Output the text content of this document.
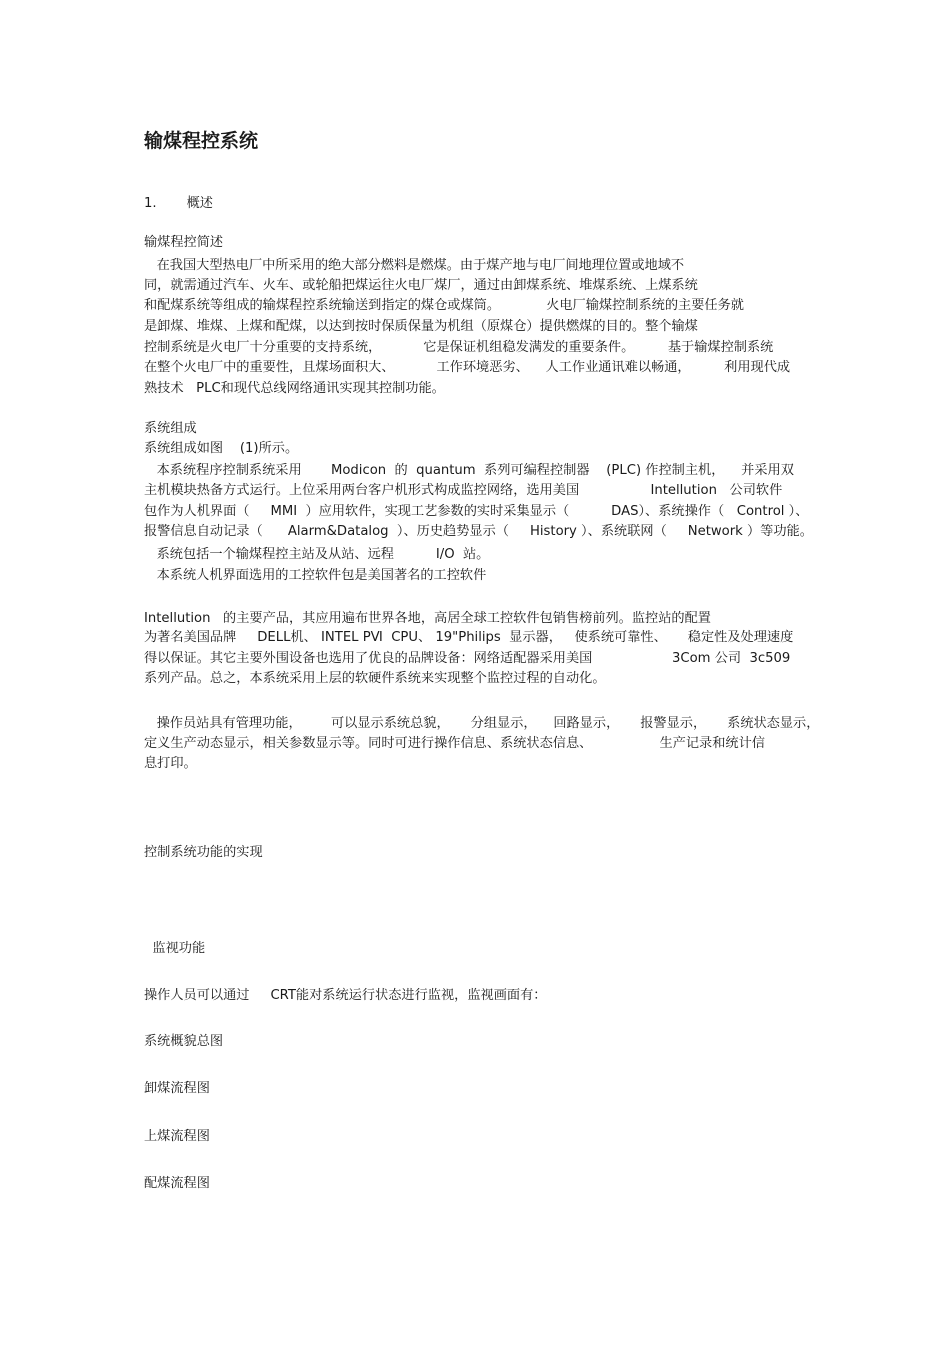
输煤程控系统
1. 概述
输煤程控简述
在我国大型热电厂中所采用的绝大部分燃料是燃煤。由于煤产地与电厂间地理位置或地域不
同，就需通过汽车、火车、或轮船把煤运往火电厂煤厂，通过由卸煤系统、堆煤系统、上煤系统
和配煤系统等组成的输煤程控系统输送到指定的煤仓或煤筒。           火电厂输煤控制系统的主要任务就
是卸煤、堆煤、上煤和配煤，以达到按时保质保量为机组（原煤仓）提供燃煤的目的。整个输煤
控制系统是火电厂十分重要的支持系统，          它是保证机组稳发满发的重要条件。        基于输煤控制系统
在整个火电厂中的重要性，且煤场面积大、          工作环境恶劣、    人工作业通讯难以畅通，        利用现代成
熟技术   PLC和现代总线网络通讯实现其控制功能。
系统组成
系统组成如图    (1)所示。
本系统程序控制系统采用       Modicon  的  quantum  系列可编程控制器    (PLC) 作控制主机，    并采用双
主机模块热备方式运行。上位采用两台客户机形式构成监控网络，选用美国                 Intellution   公司软件
包作为人机界面（     MMI  ）应用软件，实现工艺参数的实时采集显示（          DAS）、系统操作（   Control ）、
报警信息自动记录（      Alarm&Datalog  ）、历史趋势显示（     History ）、系统联网（     Network ）等功能。
系统包括一个输煤程控主站及从站、远程          I/O  站。
本系统人机界面选用的工控软件包是美国著名的工控软件
Intellution   的主要产品，其应用遍布世界各地，高居全球工控软件包销售榜前列。监控站的配置
为著名美国品牌     DELL机、 INTEL PⅥ  CPU、 19"Philips  显示器，   使系统可靠性、     稳定性及处理速度
得以保证。其它主要外围设备也选用了优良的品牌设备：网络适配器采用美国                   3Com 公司  3c509
系列产品。总之，本系统采用上层的软硬件系统来实现整个监控过程的自动化。
操作员站具有管理功能，       可以显示系统总貌，     分组显示，    回路显示，     报警显示，     系统状态显示，
定义生产动态显示，相关参数显示等。同时可进行操作信息、系统状态信息、                生产记录和统计信
息打印。
控制系统功能的实现
监视功能
操作人员可以通过     CRT能对系统运行状态进行监视，监视画面有：
系统概貌总图
卸煤流程图
上煤流程图
配煤流程图
